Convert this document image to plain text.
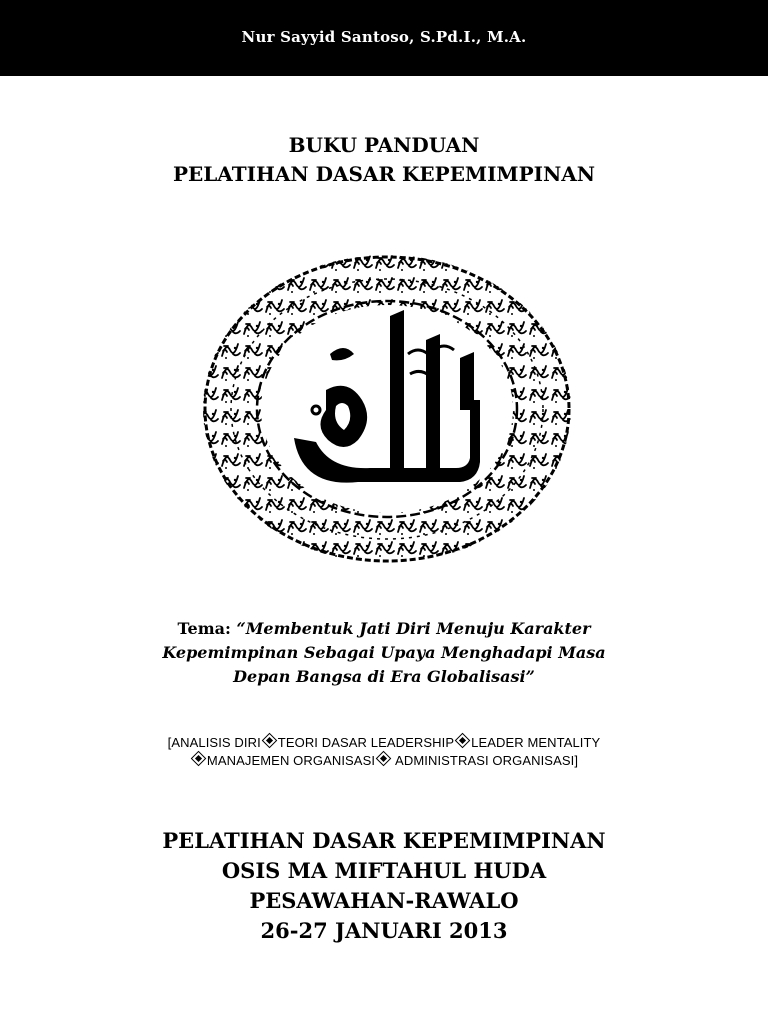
Nur Sayyid Santoso, S.Pd.I., M.A.
BUKU PANDUAN
PELATIHAN DASAR KEPEMIMPINAN
Tema: “Membentuk Jati Diri Menuju Karakter
Kepemimpinan Sebagai Upaya Menghadapi Masa
Depan Bangsa di Era Globalisasi”
[ANALISIS DIRI TEORI DASAR LEADERSHIP LEADER MENTALITY
MANAJEMEN ORGANISASI ADMINISTRASI ORGANISASI]
PELATIHAN DASAR KEPEMIMPINAN
OSIS MA MIFTAHUL HUDA
PESAWAHAN-RAWALO
26-27 JANUARI 2013
